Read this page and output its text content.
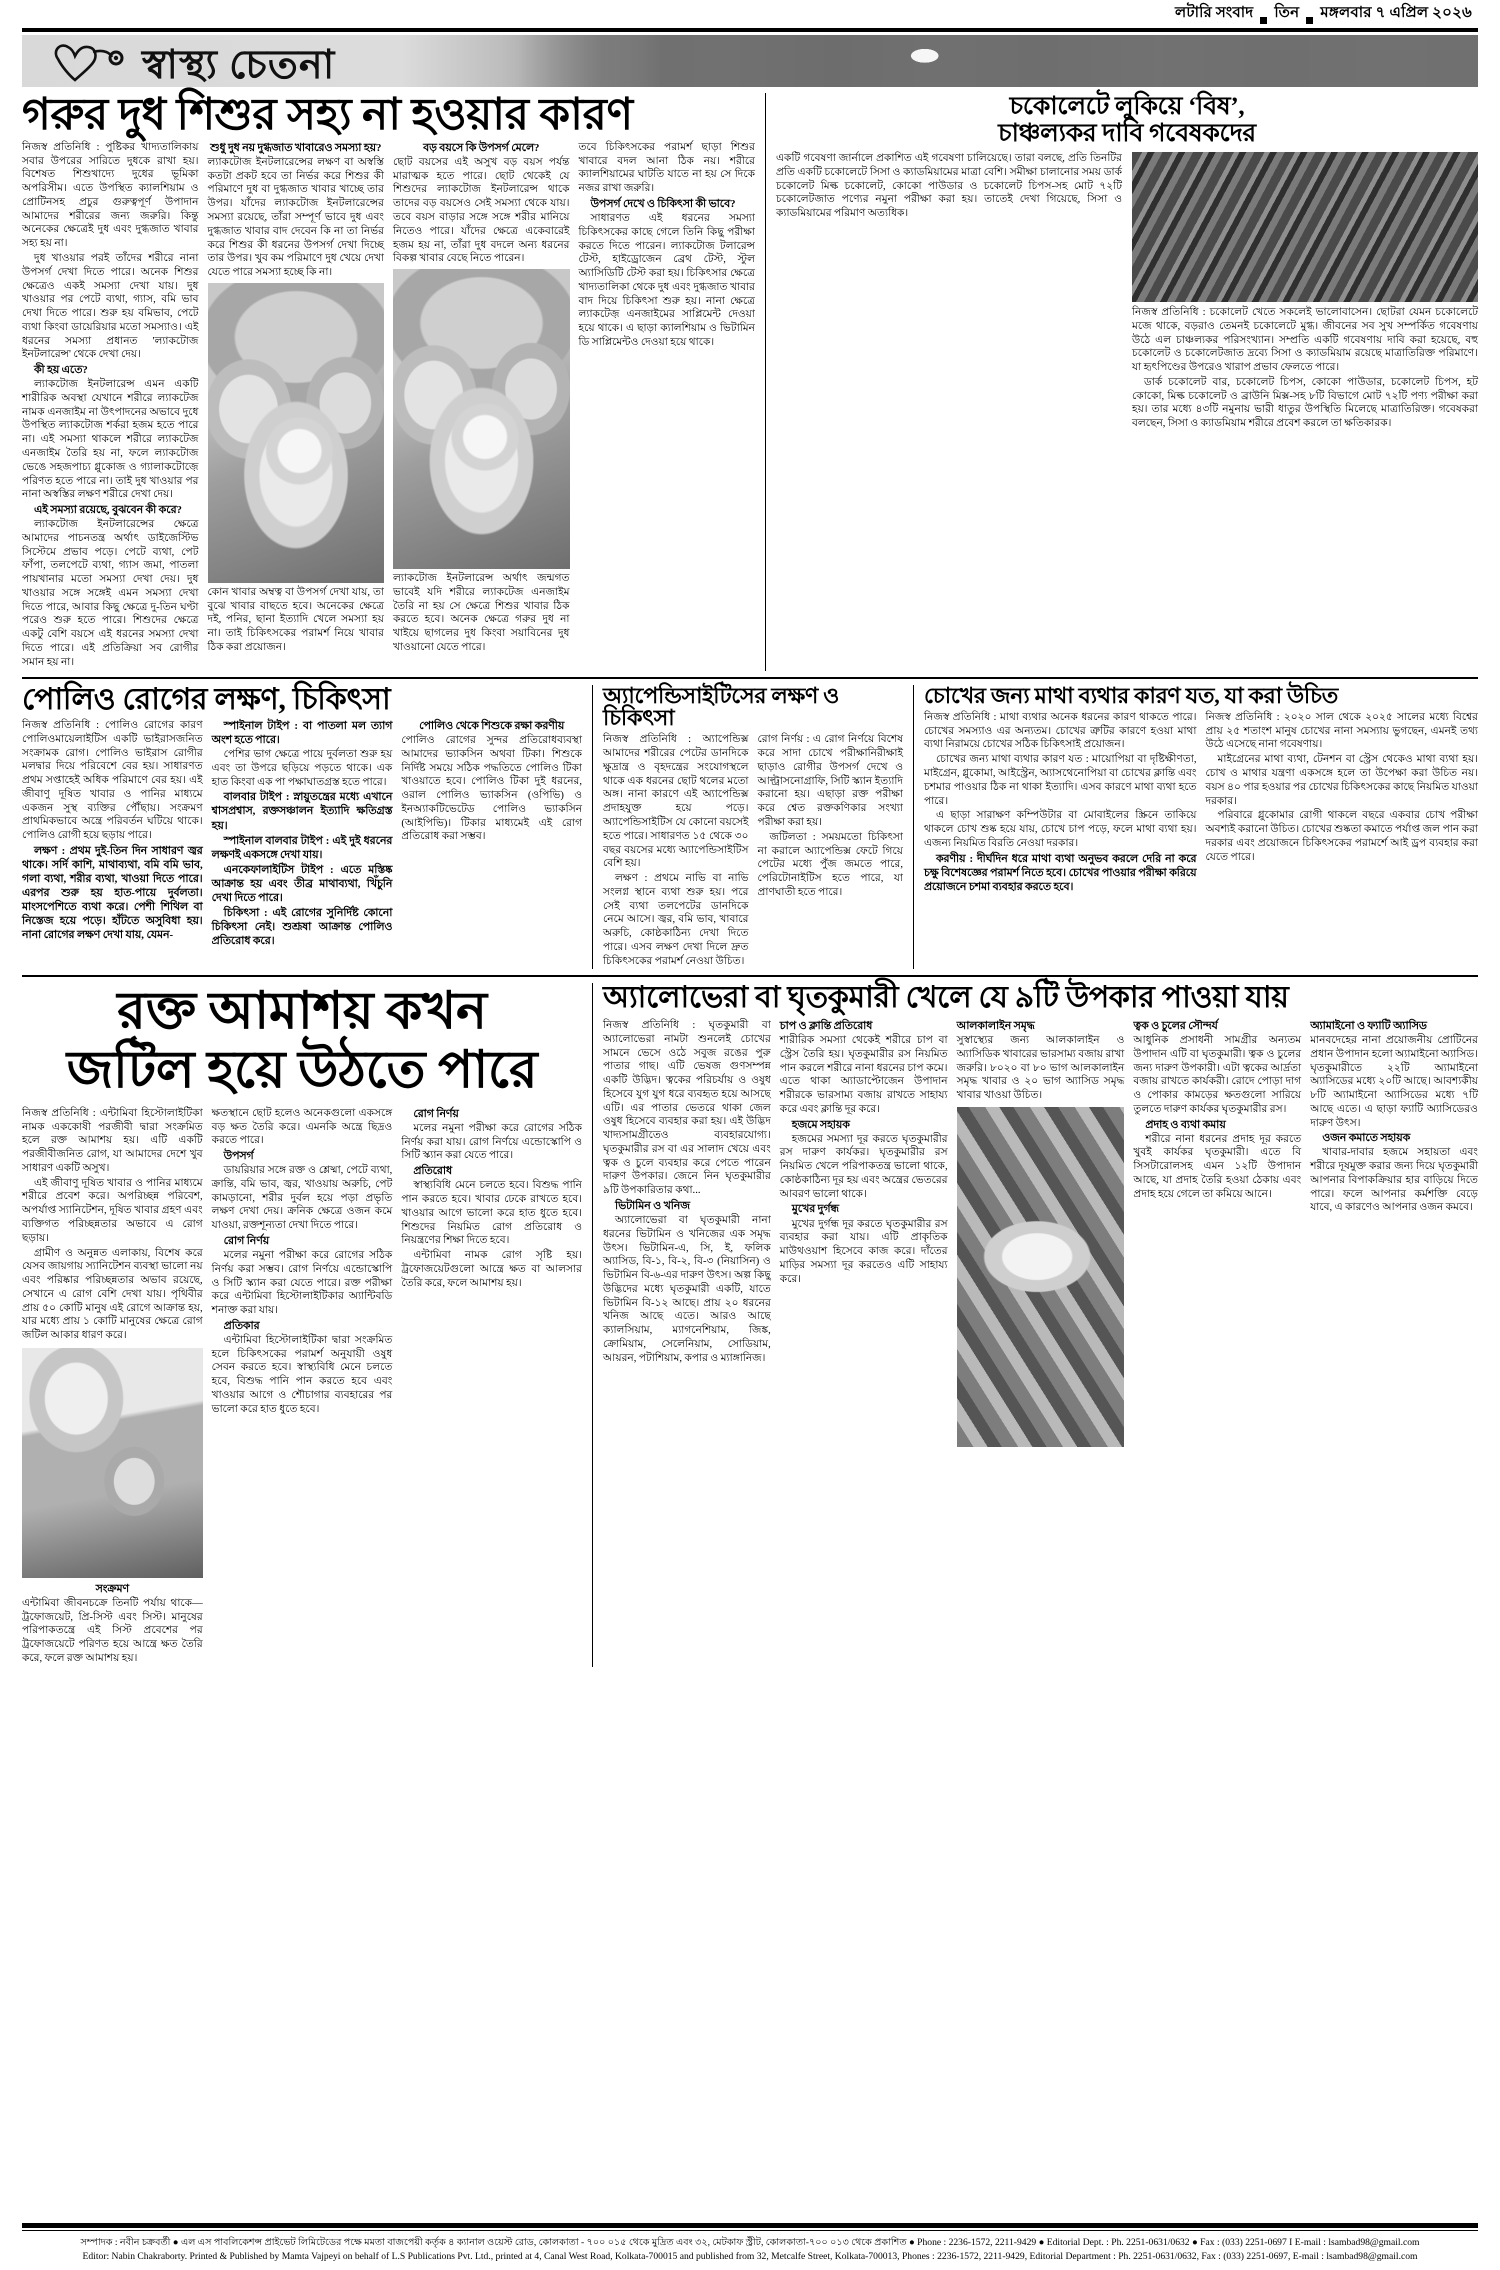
লটারি সংবাদ তিন মঙ্গলবার ৭ এপ্রিল ২০২৬
স্বাস্থ্য চেতনা
গরুর দুধ শিশুর সহ্য না হওয়ার কারণ

নিজস্ব প্রতিনিধি : পুষ্টিকর খাদ্যতালিকায় সবার উপরের সারিতে দুধকে রাখা হয়। বিশেষত শিশুখাদ্যে দুধের ভূমিকা অপরিসীম। এতে উপস্থিত ক্যালশিয়াম ও প্রোটিনসহ প্রচুর গুরুত্বপূর্ণ উপাদান আমাদের শরীরের জন্য জরুরি। কিন্তু অনেকের ক্ষেত্রেই দুধ এবং দুগ্ধজাত খাবার সহ্য হয় না।

দুধ খাওয়ার পরই তাঁদের শরীরে নানা উপসর্গ দেখা দিতে পারে। অনেক শিশুর ক্ষেত্রেও একই সমস্যা দেখা যায়। দুধ খাওয়ার পর পেটে ব্যথা, গ্যাস, বমি ভাব দেখা দিতে পারে। শুরু হয় বমিভাব, পেটে ব্যথা কিংবা ডায়েরিয়ার মতো সমস্যাও। এই ধরনের সমস্যা প্রধানত 'ল্যাকটোজ ইনটলারেন্স' থেকে দেখা দেয়।

কী হয় এতে?

ল্যাকটোজ ইনটলারেন্স এমন একটি শারীরিক অবস্থা যেখানে শরীরে ল্যাকটেজ নামক এনজাইম না উৎপাদনের অভাবে দুধে উপস্থিত ল্যাকটোজ শর্করা হজম হতে পারে না। এই সমস্যা থাকলে শরীরে ল্যাকটেজ এনজাইম তৈরি হয় না, ফলে ল্যাকটোজ ভেঙে সহজপাচ্য গ্লুকোজ ও গ্যালাকটোজ়ে পরিণত হতে পারে না। তাই দুধ খাওয়ার পর নানা অস্বস্তির লক্ষণ শরীরে দেখা দেয়।

এই সমস্যা রয়েছে, বুঝবেন কী করে?

ল্যাকটোজ ইনটলারেন্সের ক্ষেত্রে আমাদের পাচনতন্ত্র অর্থাৎ ডাইজেস্টিভ সিস্টেমে প্রভাব পড়ে। পেটে ব্যথা, পেট ফাঁপা, তলপেটে ব্যথা, গ্যাস জমা, পাতলা পায়খানার মতো সমস্যা দেখা দেয়। দুধ খাওয়ার সঙ্গে সঙ্গেই এমন সমস্যা দেখা দিতে পারে, আবার কিছু ক্ষেত্রে দু-তিন ঘণ্টা পরেও শুরু হতে পারে। শিশুদের ক্ষেত্রে একটু বেশি বয়সে এই ধরনের সমস্যা দেখা দিতে পারে। এই প্রতিক্রিয়া সব রোগীর সমান হয় না।

শুধু দুধ নয় দুগ্ধজাত খাবারেও সমস্যা হয়?

ল্যাকটোজ ইনটলারেন্সের লক্ষণ বা অস্বস্তি কতটা প্রকট হবে তা নির্ভর করে শিশুর কী পরিমাণে দুধ বা দুগ্ধজাত খাবার খাচ্ছে তার উপর। যাঁদের ল্যাকটোজ ইনটলারেন্সের সমস্যা রয়েছে, তাঁরা সম্পূর্ণ ভাবে দুধ এবং দুগ্ধজাত খাবার বাদ দেবেন কি না তা নির্ভর করে শিশুর কী ধরনের উপসর্গ দেখা দিচ্ছে তার উপর। খুব কম পরিমাণে দুধ খেয়ে দেখা যেতে পারে সমস্যা হচ্ছে কি না।

কোন খাবার অম্বত্ব বা উপসর্গ দেখা যায়, তা বুঝে খাবার বাছতে হবে। অনেকের ক্ষেত্রে দই, পনির, ছানা ইত্যাদি খেলে সমস্যা হয় না। তাই চিকিৎসকের পরামর্শ নিয়ে খাবার ঠিক করা প্রয়োজন।

বড় বয়সে কি উপসর্গ মেলে?

ছোট বয়সের এই অসুখ বড় বয়স পর্যন্ত মারাত্মক হতে পারে। ছোট থেকেই যে শিশুদের ল্যাকটোজ ইনটলারেন্স থাকে তাদের বড় বয়সেও সেই সমস্যা থেকে যায়। তবে বয়স বাড়ার সঙ্গে সঙ্গে শরীর মানিয়ে নিতেও পারে। যাঁদের ক্ষেত্রে একেবারেই হজম হয় না, তাঁরা দুধ বদলে অন্য ধরনের বিকল্প খাবার বেছে নিতে পারেন।

ল্যাকটোজ ইনটলারেন্স অর্থাৎ জন্মগত ভাবেই যদি শরীরে ল্যাকটেজ এনজাইম তৈরি না হয় সে ক্ষেত্রে শিশুর খাবার ঠিক করতে হবে। অনেক ক্ষেত্রে গরুর দুধ না খাইয়ে ছাগলের দুধ কিংবা সয়াবিনের দুধ খাওয়ানো যেতে পারে।

তবে চিকিৎসকের পরামর্শ ছাড়া শিশুর খাবারে বদল আনা ঠিক নয়। শরীরে ক্যালশিয়ামের ঘাটতি যাতে না হয় সে দিকে নজর রাখা জরুরি।

উপসর্গ দেখে ও চিকিৎসা কী ভাবে?

সাধারণত এই ধরনের সমস্যা চিকিৎসকের কাছে গেলে তিনি কিছু পরীক্ষা করতে দিতে পারেন। ল্যাকটোজ টলারেন্স টেস্ট, হাইড্রোজেন ব্রেথ টেস্ট, স্টুল অ্যাসিডিটি টেস্ট করা হয়। চিকিৎসার ক্ষেত্রে খাদ্যতালিকা থেকে দুধ এবং দুগ্ধজাত খাবার বাদ দিয়ে চিকিৎসা শুরু হয়। নানা ক্ষেত্রে ল্যাকটেজ় এনজাইমের সাপ্লিমেন্ট দেওয়া হয়ে থাকে। এ ছাড়া ক্যালশিয়াম ও ভিটামিন ডি সাপ্লিমেন্টও দেওয়া হয়ে থাকে।

চকোলেটে লুকিয়ে ‘বিষ’,
চাঞ্চল্যকর দাবি গবেষকদের

একটি গবেষণা জার্নালে প্রকাশিত এই গবেষণা চালিয়েছে। তারা বলছে, প্রতি তিনটির প্রতি একটি চকোলেটে সিসা ও ক্যাডমিয়ামের মাত্রা বেশি। সমীক্ষা চালানোর সময় ডার্ক চকোলেট মিল্ক চকোলেট, কোকো পাউডার ও চকোলেট চিপস-সহ মোট ৭২টি চকোলেটজাত পণ্যের নমুনা পরীক্ষা করা হয়। তাতেই দেখা গিয়েছে, সিসা ও ক্যাডমিয়ামের পরিমাণ অত্যধিক।

নিজস্ব প্রতিনিধি : চকোলেট খেতে সকলেই ভালোবাসেন। ছোটরা যেমন চকোলেটে মজে থাকে, বড়রাও তেমনই চকোলেটে মুগ্ধ। জীবনের সব সুখ সম্পর্কিত গবেষণায় উঠে এল চাঞ্চল্যকর পরিসংখ্যান। সম্প্রতি একটি গবেষণায় দাবি করা হয়েছে, বহু চকোলেট ও চকোলেটজাত দ্রব্যে সিসা ও ক্যাডমিয়াম রয়েছে মাত্রাতিরিক্ত পরিমাণে। যা হৃৎপিণ্ডের উপরেও খারাপ প্রভাব ফেলতে পারে।

ডার্ক চকোলেট বার, চকোলেট চিপস, কোকো পাউডার, চকোলেট চিপস, হট কোকো, মিল্ক চকোলেট ও ব্রাউনি মিক্স-সহ ৮টি বিভাগে মোট ৭২টি পণ্য পরীক্ষা করা হয়। তার মধ্যে ৪৩টি নমুনায় ভারী ধাতুর উপস্থিতি মিলেছে মাত্রাতিরিক্ত। গবেষকরা বলছেন, সিসা ও ক্যাডমিয়াম শরীরে প্রবেশ করলে তা ক্ষতিকারক।

পোলিও রোগের লক্ষণ, চিকিৎসা

নিজস্ব প্রতিনিধি : পোলিও রোগের কারণ পোলিওমায়েলাইটিস একটি ভাইরাসজনিত সংক্রামক রোগ। পোলিও ভাইরাস রোগীর মলদ্বার দিয়ে পরিবেশে বের হয়। সাধারণত প্রথম সপ্তাহেই অধিক পরিমাণে বের হয়। এই জীবাণু দূষিত খাবার ও পানির মাধ্যমে একজন সুস্থ ব্যক্তির পৌঁছায়। সংক্রমণ প্রাথমিকভাবে অন্ত্রে পরিবর্তন ঘটিয়ে থাকে। পোলিও রোগী হয়ে ছড়ায় পারে।

লক্ষণ : প্রথম দুই-তিন দিন সাধারণ জ্বর থাকে। সর্দি কাশি, মাথাব্যথা, বমি বমি ভাব, গলা ব্যথা, শরীর ব্যথা, খাওয়া দিতে পারে। এরপর শুরু হয় হাত-পায়ে দুর্বলতা। মাংসপেশিতে ব্যথা করে। পেশী শিথিল বা নিস্তেজ হয়ে পড়ে। হাঁটতে অসুবিধা হয়। নানা রোগের লক্ষণ দেখা যায়, যেমন-

স্পাইনাল টাইপ : বা পাতলা মল ত্যাগ অংশ হতে পারে।

পেশির ভাগ ক্ষেত্রে পায়ে দুর্বলতা শুরু হয় এবং তা উপরে ছড়িয়ে পড়তে থাকে। এক হাত কিংবা এক পা পক্ষাঘাতগ্রস্ত হতে পারে।

বালবার টাইপ : স্নায়ুতন্ত্রের মধ্যে এখানে শ্বাসপ্রশ্বাস, রক্তসঞ্চালন ইত্যাদি ক্ষতিগ্রস্ত হয়।

স্পাইনাল বালবার টাইপ : এই দুই ধরনের লক্ষণই একসঙ্গে দেখা যায়।

এনকেফালাইটিস টাইপ : এতে মস্তিষ্ক আক্রান্ত হয় এবং তীব্র মাথাব্যথা, খিঁচুনি দেখা দিতে পারে।

চিকিৎসা : এই রোগের সুনির্দিষ্ট কোনো চিকিৎসা নেই। শুশ্রূষা আক্রান্ত পোলিও প্রতিরোধ করে।

পোলিও থেকে শিশুকে রক্ষা করণীয়

পোলিও রোগের সুন্দর প্রতিরোধব্যবস্থা আমাদের ভ্যাকসিন অথবা টিকা। শিশুকে নির্দিষ্ট সময়ে সঠিক পদ্ধতিতে পোলিও টিকা খাওয়াতে হবে। পোলিও টিকা দুই ধরনের, ওরাল পোলিও ভ্যাকসিন (ওপিভি) ও ইনঅ্যাকটিভেটেড পোলিও ভ্যাকসিন (আইপিভি)। টিকার মাধ্যমেই এই রোগ প্রতিরোধ করা সম্ভব।

অ্যাপেন্ডিসাইটিসের লক্ষণ ও চিকিৎসা

নিজস্ব প্রতিনিধি : অ্যাপেন্ডিক্স আমাদের শরীরের পেটের ডানদিকে ক্ষুদ্রান্ত্র ও বৃহদন্ত্রের সংযোগস্থলে থাকে এক ধরনের ছোট থলের মতো অঙ্গ। নানা কারণে এই অ্যাপেন্ডিক্স প্রদাহযুক্ত হয়ে পড়ে। অ্যাপেন্ডিসাইটিস যে কোনো বয়সেই হতে পারে। সাধারণত ১৫ থেকে ৩০ বছর বয়সের মধ্যে অ্যাপেন্ডিসাইটিস বেশি হয়।

লক্ষণ : প্রথমে নাভি বা নাভি সংলগ্ন স্থানে ব্যথা শুরু হয়। পরে সেই ব্যথা তলপেটের ডানদিকে নেমে আসে। জ্বর, বমি ভাব, খাবারে অরুচি, কোষ্ঠকাঠিন্য দেখা দিতে পারে। এসব লক্ষণ দেখা দিলে দ্রুত চিকিৎসকের পরামর্শ নেওয়া উচিত।

রোগ নির্ণয় : এ রোগ নির্ণয়ে বিশেষ করে সাদা চোখে পরীক্ষানিরীক্ষাই ছাড়াও রোগীর উপসর্গ দেখে ও আল্ট্রাসনোগ্রাফি, সিটি স্ক্যান ইত্যাদি করানো হয়। এছাড়া রক্ত পরীক্ষা করে শ্বেত রক্তকণিকার সংখ্যা পরীক্ষা করা হয়।

জটিলতা : সময়মতো চিকিৎসা না করালে অ্যাপেন্ডিক্স ফেটে গিয়ে পেটের মধ্যে পুঁজ জমতে পারে, পেরিটোনাইটিস হতে পারে, যা প্রাণঘাতী হতে পারে।

চোখের জন্য মাথা ব্যথার কারণ যত, যা করা উচিত

নিজস্ব প্রতিনিধি : মাথা ব্যথার অনেক ধরনের কারণ থাকতে পারে। চোখের সমস্যাও এর অন্যতম। চোখের ত্রুটির কারণে হওয়া মাথা ব্যথা নিরাময়ে চোখের সঠিক চিকিৎসাই প্রয়োজন।

চোখের জন্য মাথা ব্যথার কারণ যত : মায়োপিয়া বা দৃষ্টিক্ষীণতা, মাইগ্রেন, গ্লুকোমা, আইস্ট্রেন, অ্যাসথেনোপিয়া বা চোখের ক্লান্তি এবং চশমার পাওয়ার ঠিক না থাকা ইত্যাদি। এসব কারণে মাথা ব্যথা হতে পারে।

এ ছাড়া সারাক্ষণ কম্পিউটার বা মোবাইলের স্ক্রিনে তাকিয়ে থাকলে চোখ শুষ্ক হয়ে যায়, চোখে চাপ পড়ে, ফলে মাথা ব্যথা হয়। এজন্য নিয়মিত বিরতি নেওয়া দরকার।

করণীয় : দীর্ঘদিন ধরে মাথা ব্যথা অনুভব করলে দেরি না করে চক্ষু বিশেষজ্ঞের পরামর্শ নিতে হবে। চোখের পাওয়ার পরীক্ষা করিয়ে প্রয়োজনে চশমা ব্যবহার করতে হবে।

নিজস্ব প্রতিনিধি : ২০২০ সাল থেকে ২০২৫ সালের মধ্যে বিশ্বের প্রায় ২৫ শতাংশ মানুষ চোখের নানা সমস্যায় ভুগছেন, এমনই তথ্য উঠে এসেছে নানা গবেষণায়।

মাইগ্রেনের মাথা ব্যথা, টেনশন বা স্ট্রেস থেকেও মাথা ব্যথা হয়। চোখ ও মাথার যন্ত্রণা একসঙ্গে হলে তা উপেক্ষা করা উচিত নয়। বয়স ৪০ পার হওয়ার পর চোখের চিকিৎসকের কাছে নিয়মিত যাওয়া দরকার।

পরিবারে গ্লুকোমার রোগী থাকলে বছরে একবার চোখ পরীক্ষা অবশ্যই করানো উচিত। চোখের শুষ্কতা কমাতে পর্যাপ্ত জল পান করা দরকার এবং প্রয়োজনে চিকিৎসকের পরামর্শে আই ড্রপ ব্যবহার করা যেতে পারে।

রক্ত আমাশয় কখন
জটিল হয়ে উঠতে পারে

নিজস্ব প্রতিনিধি : এন্টামিবা হিস্টোলাইটিকা নামক এককোষী পরজীবী দ্বারা সংক্রমিত হলে রক্ত আমাশয় হয়। এটি একটি পরজীবীজনিত রোগ, যা আমাদের দেশে খুব সাধারণ একটি অসুখ।

এই জীবাণু দূষিত খাবার ও পানির মাধ্যমে শরীরে প্রবেশ করে। অপরিচ্ছন্ন পরিবেশ, অপর্যাপ্ত স্যানিটেশন, দূষিত খাবার গ্রহণ এবং ব্যক্তিগত পরিচ্ছন্নতার অভাবে এ রোগ ছড়ায়।

গ্রামীণ ও অনুন্নত এলাকায়, বিশেষ করে যেসব জায়গায় স্যানিটেশন ব্যবস্থা ভালো নয় এবং পরিষ্কার পরিচ্ছন্নতার অভাব রয়েছে, সেখানে এ রোগ বেশি দেখা যায়। পৃথিবীর প্রায় ৫০ কোটি মানুষ এই রোগে আক্রান্ত হয়, যার মধ্যে প্রায় ১ কোটি মানুষের ক্ষেত্রে রোগ জটিল আকার ধারণ করে।

সংক্রমণ

এন্টামিবা জীবনচক্রে তিনটি পর্যায় থাকে— ট্রফোজয়েট, প্রি-সিস্ট এবং সিস্ট। মানুষের পরিপাকতন্ত্রে এই সিস্ট প্রবেশের পর ট্রফোজয়েটে পরিণত হয়ে আন্ত্রে ক্ষত তৈরি করে, ফলে রক্ত আমাশয় হয়।

ক্ষতস্থানে ছোট হলেও অনেকগুলো একসঙ্গে বড় ক্ষত তৈরি করে। এমনকি অন্ত্রে ছিদ্রও করতে পারে।

উপসর্গ

ডায়রিয়ার সঙ্গে রক্ত ও শ্লেষ্মা, পেটে ব্যথা, ক্রান্তি, বমি ভাব, জ্বর, খাওয়ায় অরুচি, পেট কামড়ানো, শরীর দুর্বল হয়ে পড়া প্রভৃতি লক্ষণ দেখা দেয়। ক্রনিক ক্ষেত্রে ওজন কমে যাওয়া, রক্তশূন্যতা দেখা দিতে পারে।

রোগ নির্ণয়

মলের নমুনা পরীক্ষা করে রোগের সঠিক নির্ণয় করা সম্ভব। রোগ নির্ণয়ে এন্ডোস্কোপি ও সিটি স্ক্যান করা যেতে পারে। রক্ত পরীক্ষা করে এন্টামিবা হিস্টোলাইটিকার অ্যান্টিবডি শনাক্ত করা যায়।

প্রতিকার

এন্টামিবা হিস্টোলাইটিকা দ্বারা সংক্রমিত হলে চিকিৎসকের পরামর্শ অনুযায়ী ওষুধ সেবন করতে হবে। স্বাস্থ্যবিধি মেনে চলতে হবে, বিশুদ্ধ পানি পান করতে হবে এবং খাওয়ার আগে ও শৌচাগার ব্যবহারের পর ভালো করে হাত ধুতে হবে।

রোগ নির্ণয়

মলের নমুনা পরীক্ষা করে রোগের সঠিক নির্ণয় করা যায়। রোগ নির্ণয়ে এন্ডোস্কোপি ও সিটি স্ক্যান করা যেতে পারে।

প্রতিরোধ

স্বাস্থ্যবিধি মেনে চলতে হবে। বিশুদ্ধ পানি পান করতে হবে। খাবার ঢেকে রাখতে হবে। খাওয়ার আগে ভালো করে হাত ধুতে হবে। শিশুদের নিয়মিত রোগ প্রতিরোধ ও নিয়ন্ত্রণের শিক্ষা দিতে হবে।

এন্টামিবা নামক রোগ সৃষ্টি হয়। ট্রফোজয়েটগুলো আন্ত্রে ক্ষত বা আলসার তৈরি করে, ফলে আমাশয় হয়।

অ্যালোভেরা বা ঘৃতকুমারী খেলে যে ৯টি উপকার পাওয়া যায়

নিজস্ব প্রতিনিধি : ঘৃতকুমারী বা অ্যালোভেরা নামটা শুনলেই চোখের সামনে ভেসে ওঠে সবুজ রঙের পুরু পাতার গাছ। এটি ভেষজ গুণসম্পন্ন একটি উদ্ভিদ। ত্বকের পরিচর্যায় ও ওষুধ হিসেবে যুগ যুগ ধরে ব্যবহৃত হয়ে আসছে এটি। এর পাতার ভেতরে থাকা জেল ওষুধ হিসেবে ব্যবহার করা হয়। এই উদ্ভিদ খাদ্যসামগ্রীতেও ব্যবহারযোগ্য। ঘৃতকুমারীর রস বা এর সালাদ খেয়ে এবং ত্বক ও চুলে ব্যবহার করে পেতে পারেন দারুণ উপকার। জেনে নিন ঘৃতকুমারীর ৯টি উপকারিতার কথা...

ভিটামিন ও খনিজ

অ্যালোভেরা বা ঘৃতকুমারী নানা ধরনের ভিটামিন ও খনিজের এক সমৃদ্ধ উৎস। ভিটামিন-এ, সি, ই, ফলিক অ্যাসিড, বি-১, বি-২, বি-৩ (নিয়াসিন) ও ভিটামিন বি-৬-এর দারুণ উৎস। অল্প কিছু উদ্ভিদের মধ্যে ঘৃতকুমারী একটি, যাতে ভিটামিন বি-১২ আছে। প্রায় ২০ ধরনের খনিজ আছে এতে। আরও আছে ক্যালসিয়াম, ম্যাগনেশিয়াম, জিঙ্ক, ক্রোমিয়াম, সেলেনিয়াম, সোডিয়াম, আয়রন, পটাশিয়াম, কপার ও ম্যাঙ্গানিজ।

চাপ ও ক্লান্তি প্রতিরোধ

শারীরিক সমস্যা থেকেই শরীরে চাপ বা স্ট্রেস তৈরি হয়। ঘৃতকুমারীর রস নিয়মিত পান করলে শরীরে নানা ধরনের চাপ কমে। এতে থাকা অ্যাডাপ্টোজেন উপাদান শরীরকে ভারসাম্য বজায় রাখতে সাহায্য করে এবং ক্লান্তি দূর করে।

হজমে সহায়ক

হজমের সমস্যা দূর করতে ঘৃতকুমারীর রস দারুণ কার্যকর। ঘৃতকুমারীর রস নিয়মিত খেলে পরিপাকতন্ত্র ভালো থাকে, কোষ্ঠকাঠিন্য দূর হয় এবং অন্ত্রের ভেতরের আবরণ ভালো থাকে।

মুখের দুর্গন্ধ

মুখের দুর্গন্ধ দূর করতে ঘৃতকুমারীর রস ব্যবহার করা যায়। এটি প্রাকৃতিক মাউথওয়াশ হিসেবে কাজ করে। দাঁতের মাড়ির সমস্যা দূর করতেও এটি সাহায্য করে।

আলকালাইন সমৃদ্ধ

সুস্বাস্থ্যের জন্য আলকালাইন ও অ্যাসিডিক খাবারের ভারসাম্য বজায় রাখা জরুরি। ৮০২০ বা ৮০ ভাগ আলকালাইন সমৃদ্ধ খাবার ও ২০ ভাগ অ্যাসিড সমৃদ্ধ খাবার খাওয়া উচিত।

ত্বক ও চুলের সৌন্দর্য

আধুনিক প্রসাধনী সামগ্রীর অন্যতম উপাদান এটি বা ঘৃতকুমারী। ত্বক ও চুলের জন্য দারুণ উপকারী। এটা ত্বকের আর্দ্রতা বজায় রাখতে কার্যকরী। রোদে পোড়া দাগ ও পোকার কামড়ের ক্ষতগুলো সারিয়ে তুলতে দারুণ কার্যকর ঘৃতকুমারীর রস।

প্রদাহ ও ব্যথা কমায়

শরীরে নানা ধরনের প্রদাহ দূর করতে খুবই কার্যকর ঘৃতকুমারী। এতে বি সিসটারোলসহ এমন ১২টি উপাদান আছে, যা প্রদাহ তৈরি হওয়া ঠেকায় এবং প্রদাহ হয়ে গেলে তা কমিয়ে আনে।

অ্যামাইনো ও ফ্যাটি অ্যাসিড

মানবদেহের নানা প্রয়োজনীয় প্রোটিনের প্রধান উপাদান হলো অ্যামাইনো অ্যাসিড। ঘৃতকুমারীতে ২২টি অ্যামাইনো অ্যাসিডের মধ্যে ২০টি আছে। আবশ্যকীয় ৮টি অ্যামাইনো অ্যাসিডের মধ্যে ৭টি আছে এতে। এ ছাড়া ফ্যাটি অ্যাসিডেরও দারুণ উৎস।

ওজন কমাতে সহায়ক

খাবার-দাবার হজমে সহায়তা এবং শরীরে দূষমুক্ত করার জন্য দিয়ে ঘৃতকুমারী আপনার বিপাকক্রিয়ার হার বাড়িয়ে দিতে পারে। ফলে আপনার কর্মশক্তি বেড়ে যাবে, এ কারণেও আপনার ওজন কমবে।

সম্পাদক : নবীন চক্রবর্তী ● এল এস পাবলিকেশন্স প্রাইভেট লিমিটেডের পক্ষে মমতা বাজপেয়ী কর্তৃক ৪ ক্যানাল ওয়েস্ট রোড, কোলকাতা - ৭০০ ০১৫ থেকে মুদ্রিত এবং ৩২, মেটকাফ স্ট্রীট, কোলকাতা-৭০০ ০১৩ থেকে প্রকাশিত ● Phone : 2236-1572, 2211-9429 ● Editorial Dept. : Ph. 2251-0631/0632 ● Fax : (033) 2251-0697 I E-mail : lsambad98@gmail.com
Editor: Nabin Chakraborty. Printed & Published by Mamta Vajpeyi on behalf of L.S Publications Pvt. Ltd., printed at 4, Canal West Road, Kolkata-700015 and published from 32, Metcalfe Street, Kolkata-700013, Phones : 2236-1572, 2211-9429, Editorial Department : Ph. 2251-0631/0632, Fax : (033) 2251-0697, E-mail : lsambad98@gmail.com
